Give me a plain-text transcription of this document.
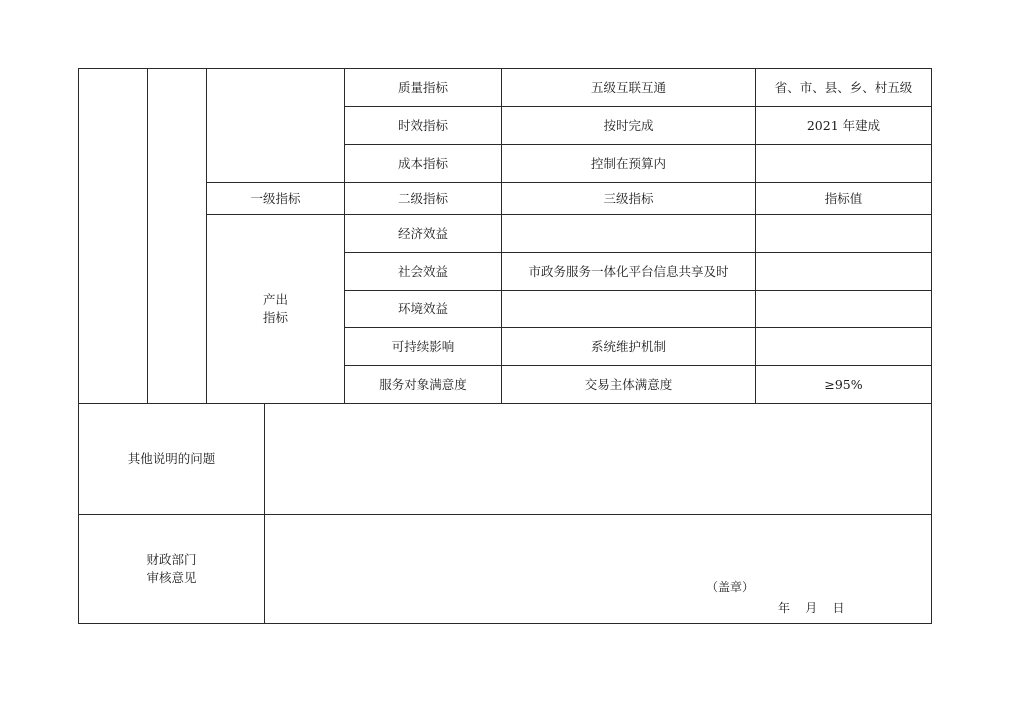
质量指标	五级互联互通	省、市、县、乡、村五级
时效指标	按时完成	2021 年建成
成本指标	控制在预算内
一级指标	二级指标	三级指标	指标值
产出
指标
经济效益
社会效益	市政务服务一体化平台信息共享及时
环境效益
可持续影响	系统维护机制
服务对象满意度	交易主体满意度	≥95%
其他说明的问题
财政部门
审核意见
（盖章）
年    月    日
